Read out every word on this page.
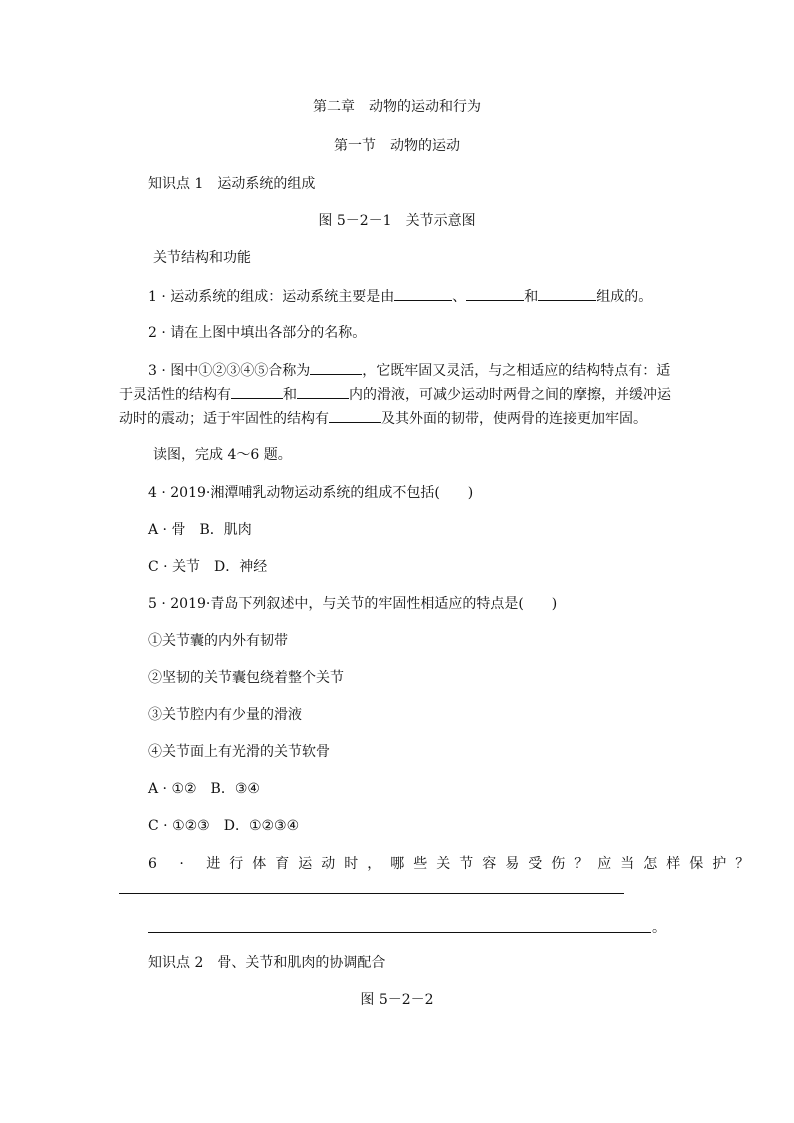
第二章　动物的运动和行为
第一节　动物的运动
知识点 1　运动系统的组成
图 5－2－1　关节示意图
关节结构和功能
1 · 运动系统的组成：运动系统主要是由	、	和	组成的。
2 · 请在上图中填出各部分的名称。
3 · 图中①②③④⑤合称为	，它既牢固又灵活，与之相适应的结构特点有：适
于灵活性的结构有	和	内的滑液，可减少运动时两骨之间的摩擦，并缓冲运
动时的震动；适于牢固性的结构有	及其外面的韧带，使两骨的连接更加牢固。
读图，完成 4～6 题。
4 · 2019·湘潭哺乳动物运动系统的组成不包括(　　)
A · 骨　B．肌肉
C · 关节　D．神经
5 · 2019·青岛下列叙述中，与关节的牢固性相适应的特点是(　　)
①关节囊的内外有韧带
②坚韧的关节囊包绕着整个关节
③关节腔内有少量的滑液
④关节面上有光滑的关节软骨
A · ①②　B．③④
C · ①②③　D．①②③④
6 · 进行体育运动时，哪些关节容易受伤？应当怎样保护？
。
知识点 2　骨、关节和肌肉的协调配合
图 5－2－2
